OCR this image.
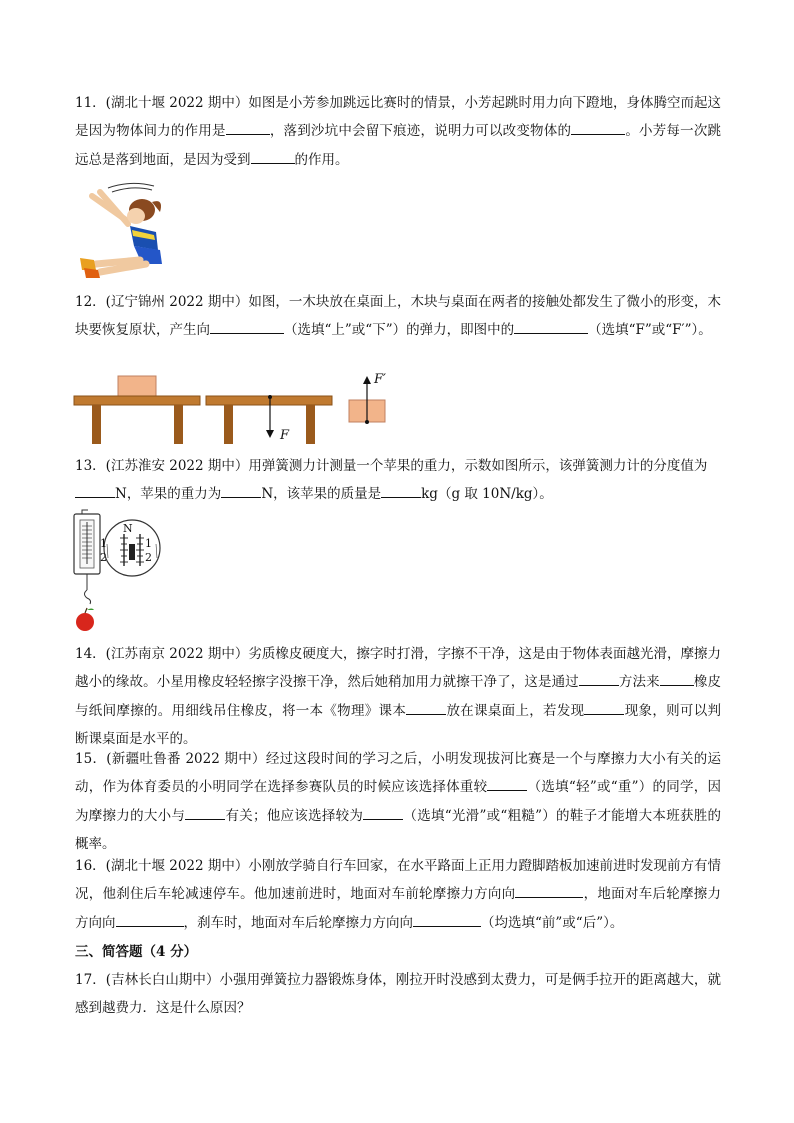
11．(湖北十堰 2022 期中）如图是小芳参加跳远比赛时的情景，小芳起跳时用力向下蹬地，身体腾空而起这是因为物体间力的作用是	，落到沙坑中会留下痕迹，说明力可以改变物体的	。小芳每一次跳远总是落到地面，是因为受到	的作用。

12．(辽宁锦州 2022 期中）如图，一木块放在桌面上，木块与桌面在两者的接触处都发生了微小的形变，木块要恢复原状，产生向	（选填“上”或“下”）的弹力，即图中的	（选填“F”或“F′”）。

F
F′

13．(江苏淮安 2022 期中）用弹簧测力计测量一个苹果的重力，示数如图所示，该弹簧测力计的分度值为
N，苹果的重力为	N，该苹果的质量是	kg（g 取 10N/kg）。

N
1
2
1
2

14．(江苏南京 2022 期中）劣质橡皮硬度大，擦字时打滑，字擦不干净，这是由于物体表面越光滑，摩擦力越小的缘故。小星用橡皮轻轻擦字没擦干净，然后她稍加用力就擦干净了，这是通过	方法来	橡皮与纸间摩擦的。用细线吊住橡皮，将一本《物理》课本	放在课桌面上，若发现	现象，则可以判断课桌面是水平的。

15．(新疆吐鲁番 2022 期中）经过这段时间的学习之后，小明发现拔河比赛是一个与摩擦力大小有关的运动，作为体育委员的小明同学在选择参赛队员的时候应该选择体重较	（选填“轻”或“重”）的同学，因为摩擦力的大小与	有关；他应该选择较为	（选填“光滑”或“粗糙”）的鞋子才能增大本班获胜的概率。

16．(湖北十堰 2022 期中）小刚放学骑自行车回家，在水平路面上正用力蹬脚踏板加速前进时发现前方有情况，他刹住后车轮减速停车。他加速前进时，地面对车前轮摩擦力方向向	，地面对车后轮摩擦力方向向	，刹车时，地面对车后轮摩擦力方向向	（均选填“前”或“后”）。

三、简答题（4 分）

17．(吉林长白山期中）小强用弹簧拉力器锻炼身体，刚拉开时没感到太费力，可是俩手拉开的距离越大，就感到越费力．这是什么原因？
